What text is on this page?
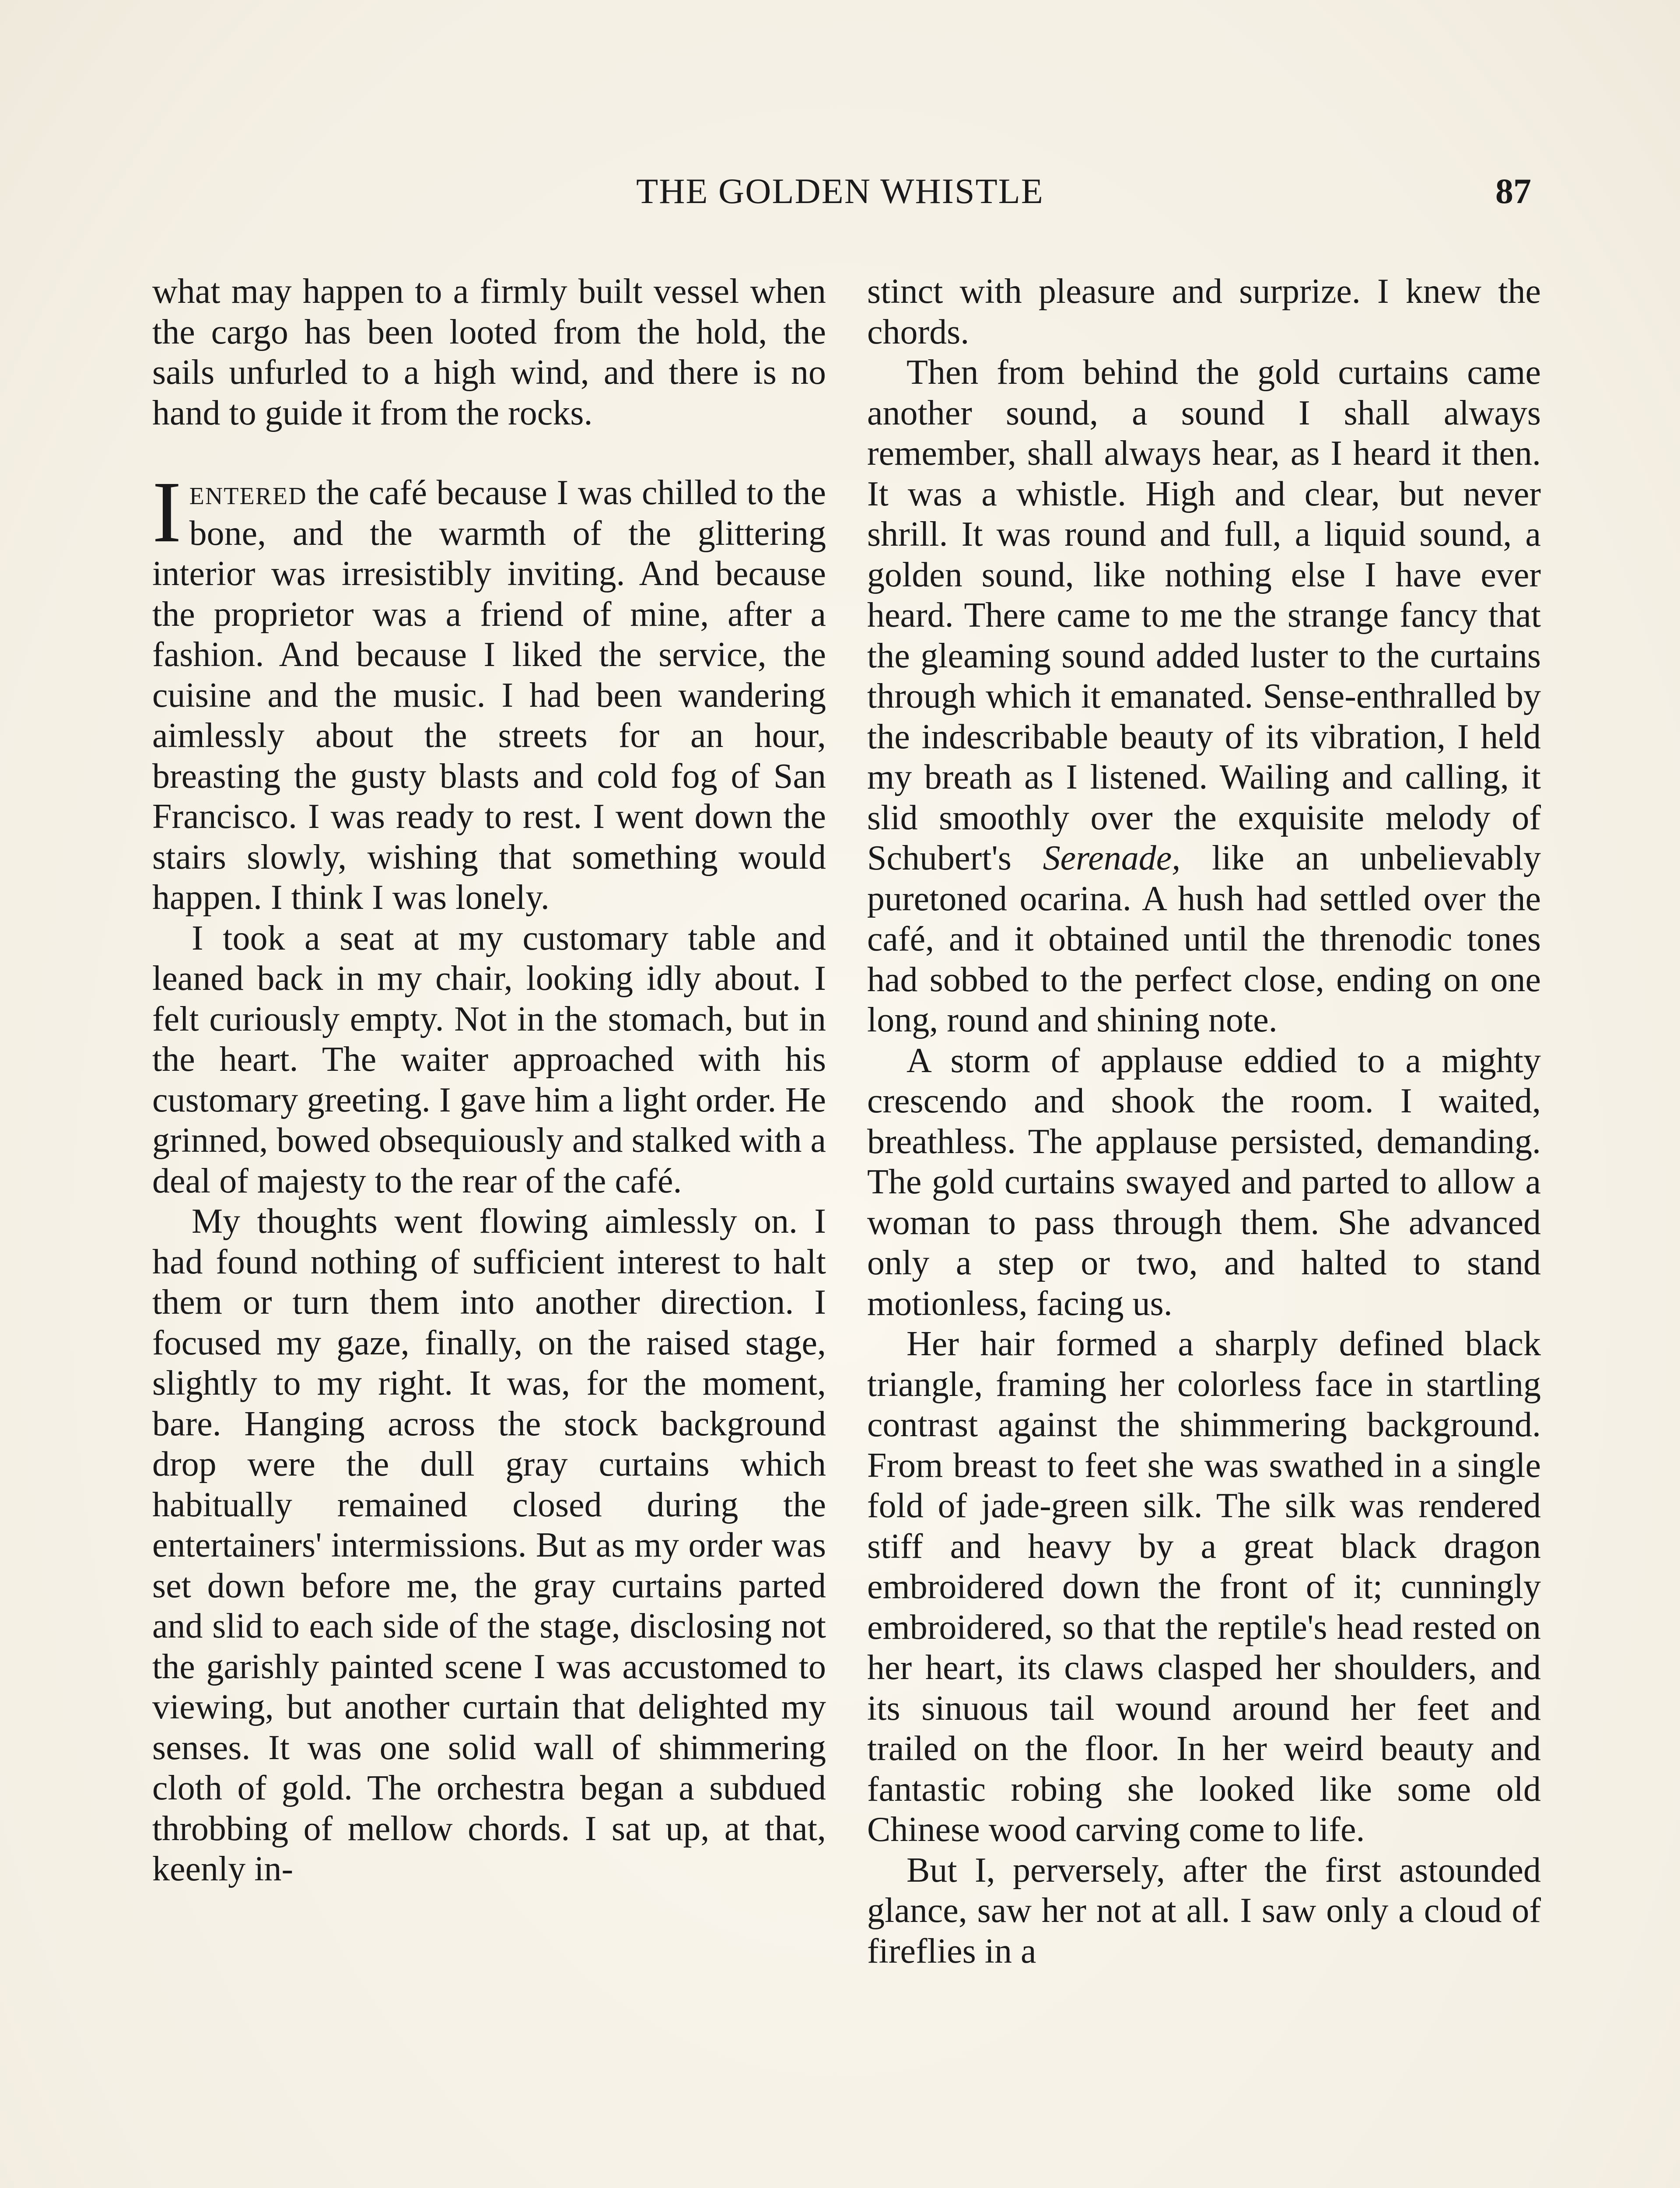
THE GOLDEN WHISTLE	87

what may happen to a firmly built vessel when the cargo has been looted from the hold, the sails unfurled to a high wind, and there is no hand to guide it from the rocks.

Ientered the café because I was chilled to the bone, and the warmth of the glittering interior was irresistibly inviting. And because the proprietor was a friend of mine, after a fashion. And because I liked the service, the cuisine and the music. I had been wandering aimlessly about the streets for an hour, breasting the gusty blasts and cold fog of San Francisco. I was ready to rest. I went down the stairs slowly, wishing that something would happen. I think I was lonely.

I took a seat at my customary table and leaned back in my chair, looking idly about. I felt curiously empty. Not in the stomach, but in the heart. The waiter approached with his customary greeting. I gave him a light order. He grinned, bowed obsequiously and stalked with a deal of majesty to the rear of the café.

My thoughts went flowing aimlessly on. I had found nothing of sufficient interest to halt them or turn them into another direction. I focused my gaze, finally, on the raised stage, slightly to my right. It was, for the moment, bare. Hanging across the stock background drop were the dull gray curtains which habitually remained closed during the entertainers' intermissions. But as my order was set down before me, the gray curtains parted and slid to each side of the stage, disclosing not the garishly painted scene I was accustomed to viewing, but another curtain that delighted my senses. It was one solid wall of shimmering cloth of gold. The orchestra began a subdued throbbing of mellow chords. I sat up, at that, keenly in-

stinct with pleasure and surprize. I knew the chords.

Then from behind the gold curtains came another sound, a sound I shall always remember, shall always hear, as I heard it then. It was a whistle. High and clear, but never shrill. It was round and full, a liquid sound, a golden sound, like nothing else I have ever heard. There came to me the strange fancy that the gleaming sound added luster to the curtains through which it emanated. Sense-enthralled by the indescribable beauty of its vibration, I held my breath as I listened. Wailing and calling, it slid smoothly over the exquisite melody of Schubert's Serenade, like an unbelievably puretoned ocarina. A hush had settled over the café, and it obtained until the threnodic tones had sobbed to the perfect close, ending on one long, round and shining note.

A storm of applause eddied to a mighty crescendo and shook the room. I waited, breathless. The applause persisted, demanding. The gold curtains swayed and parted to allow a woman to pass through them. She advanced only a step or two, and halted to stand motionless, facing us.

Her hair formed a sharply defined black triangle, framing her colorless face in startling contrast against the shimmering background. From breast to feet she was swathed in a single fold of jade-green silk. The silk was rendered stiff and heavy by a great black dragon embroidered down the front of it; cunningly embroidered, so that the reptile's head rested on her heart, its claws clasped her shoulders, and its sinuous tail wound around her feet and trailed on the floor. In her weird beauty and fantastic robing she looked like some old Chinese wood carving come to life.

But I, perversely, after the first astounded glance, saw her not at all. I saw only a cloud of fireflies in a
